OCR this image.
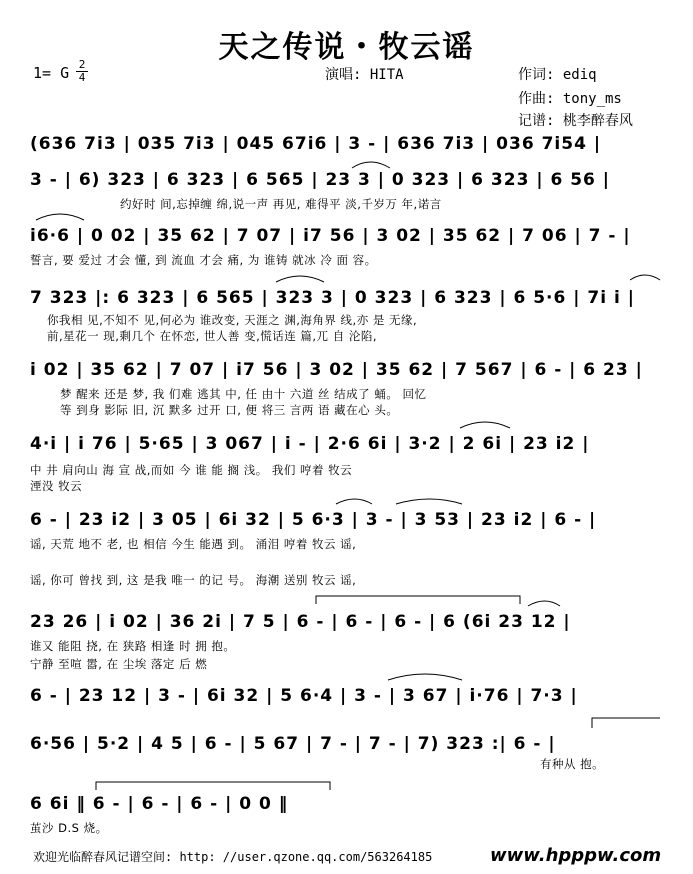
天之传说・牧云谣
1= G 2
4	演唱: HITA	作词: ediq
作曲: tony_ms
记谱: 桃李醉春风
(636 7i3 | 035 7i3 | 045 67i6 | 3 - | 636 7i3 | 036 7i54 |
3 - | 6) 323 | 6 323 | 6 565 | 23 3 | 0 323 | 6 323 | 6 56 |
约好时 间,忘掉缠 绵,说一声 再见, 难得平 淡,千岁万 年,诺言
i6·6 | 0 02 | 35 62 | 7 07 | i7 56 | 3 02 | 35 62 | 7 06 | 7 - |
誓言, 要 爱过 才会 懂, 到 流血 才会 痛, 为 谁铸 就冰 冷 面 容。
7 323 |: 6 323 | 6 565 | 323 3 | 0 323 | 6 323 | 6 5·6 | 7i i |
你我相 见,不知不 见,何必为 谁改变, 天涯之 渊,海角界 线,亦 是 无缘,
前,星花一 现,剩几个 在怀恋, 世人善 变,慌话连 篇,兀 自 沦陷,
i 02 | 35 62 | 7 07 | i7 56 | 3 02 | 35 62 | 7 567 | 6 - | 6 23 |
梦 醒来 还是 梦, 我 们难 逃其 中, 任 由十 六道 丝 结成了 蛹。 回忆
等 到身 影际 旧, 沉 默多 过开 口, 便 将三 言两 语 藏在心 头。
4·i | i 76 | 5·65 | 3 067 | i - | 2·6 6i | 3·2 | 2 6i | 23 i2 |
中 井 肩向山 海 宣 战,而如 今 谁 能 搁 浅。 我们 哼着 牧云
湮没 牧云
6 - | 23 i2 | 3 05 | 6i 32 | 5 6·3 | 3 - | 3 53 | 23 i2 | 6 - |
谣, 天荒 地不 老, 也 相信 今生 能遇 到。 涌泪 哼着 牧云 谣,
谣, 你可 曾找 到, 这 是我 唯一 的记 号。 海潮 送别 牧云 谣,
23 26 | i 02 | 36 2i | 7 5 | 6 - | 6 - | 6 - | 6 (6i 23 12 |
谁又 能阻 挠, 在 狭路 相逢 时 拥 抱。
宁静 至喧 嚣, 在 尘埃 落定 后 燃
6 - | 23 12 | 3 - | 6i 32 | 5 6·4 | 3 - | 3 67 | i·76 | 7·3 |
6·56 | 5·2 | 4 5 | 6 - | 5 67 | 7 - | 7 - | 7) 323 :| 6 - |
有种从 抱。
6 6i ‖ 6 - | 6 - | 6 - | 0 0 ‖
茧沙 D.S 烧。
欢迎光临醉春风记谱空间: http: //user.qzone.qq.com/563264185	www.hpppw.com
